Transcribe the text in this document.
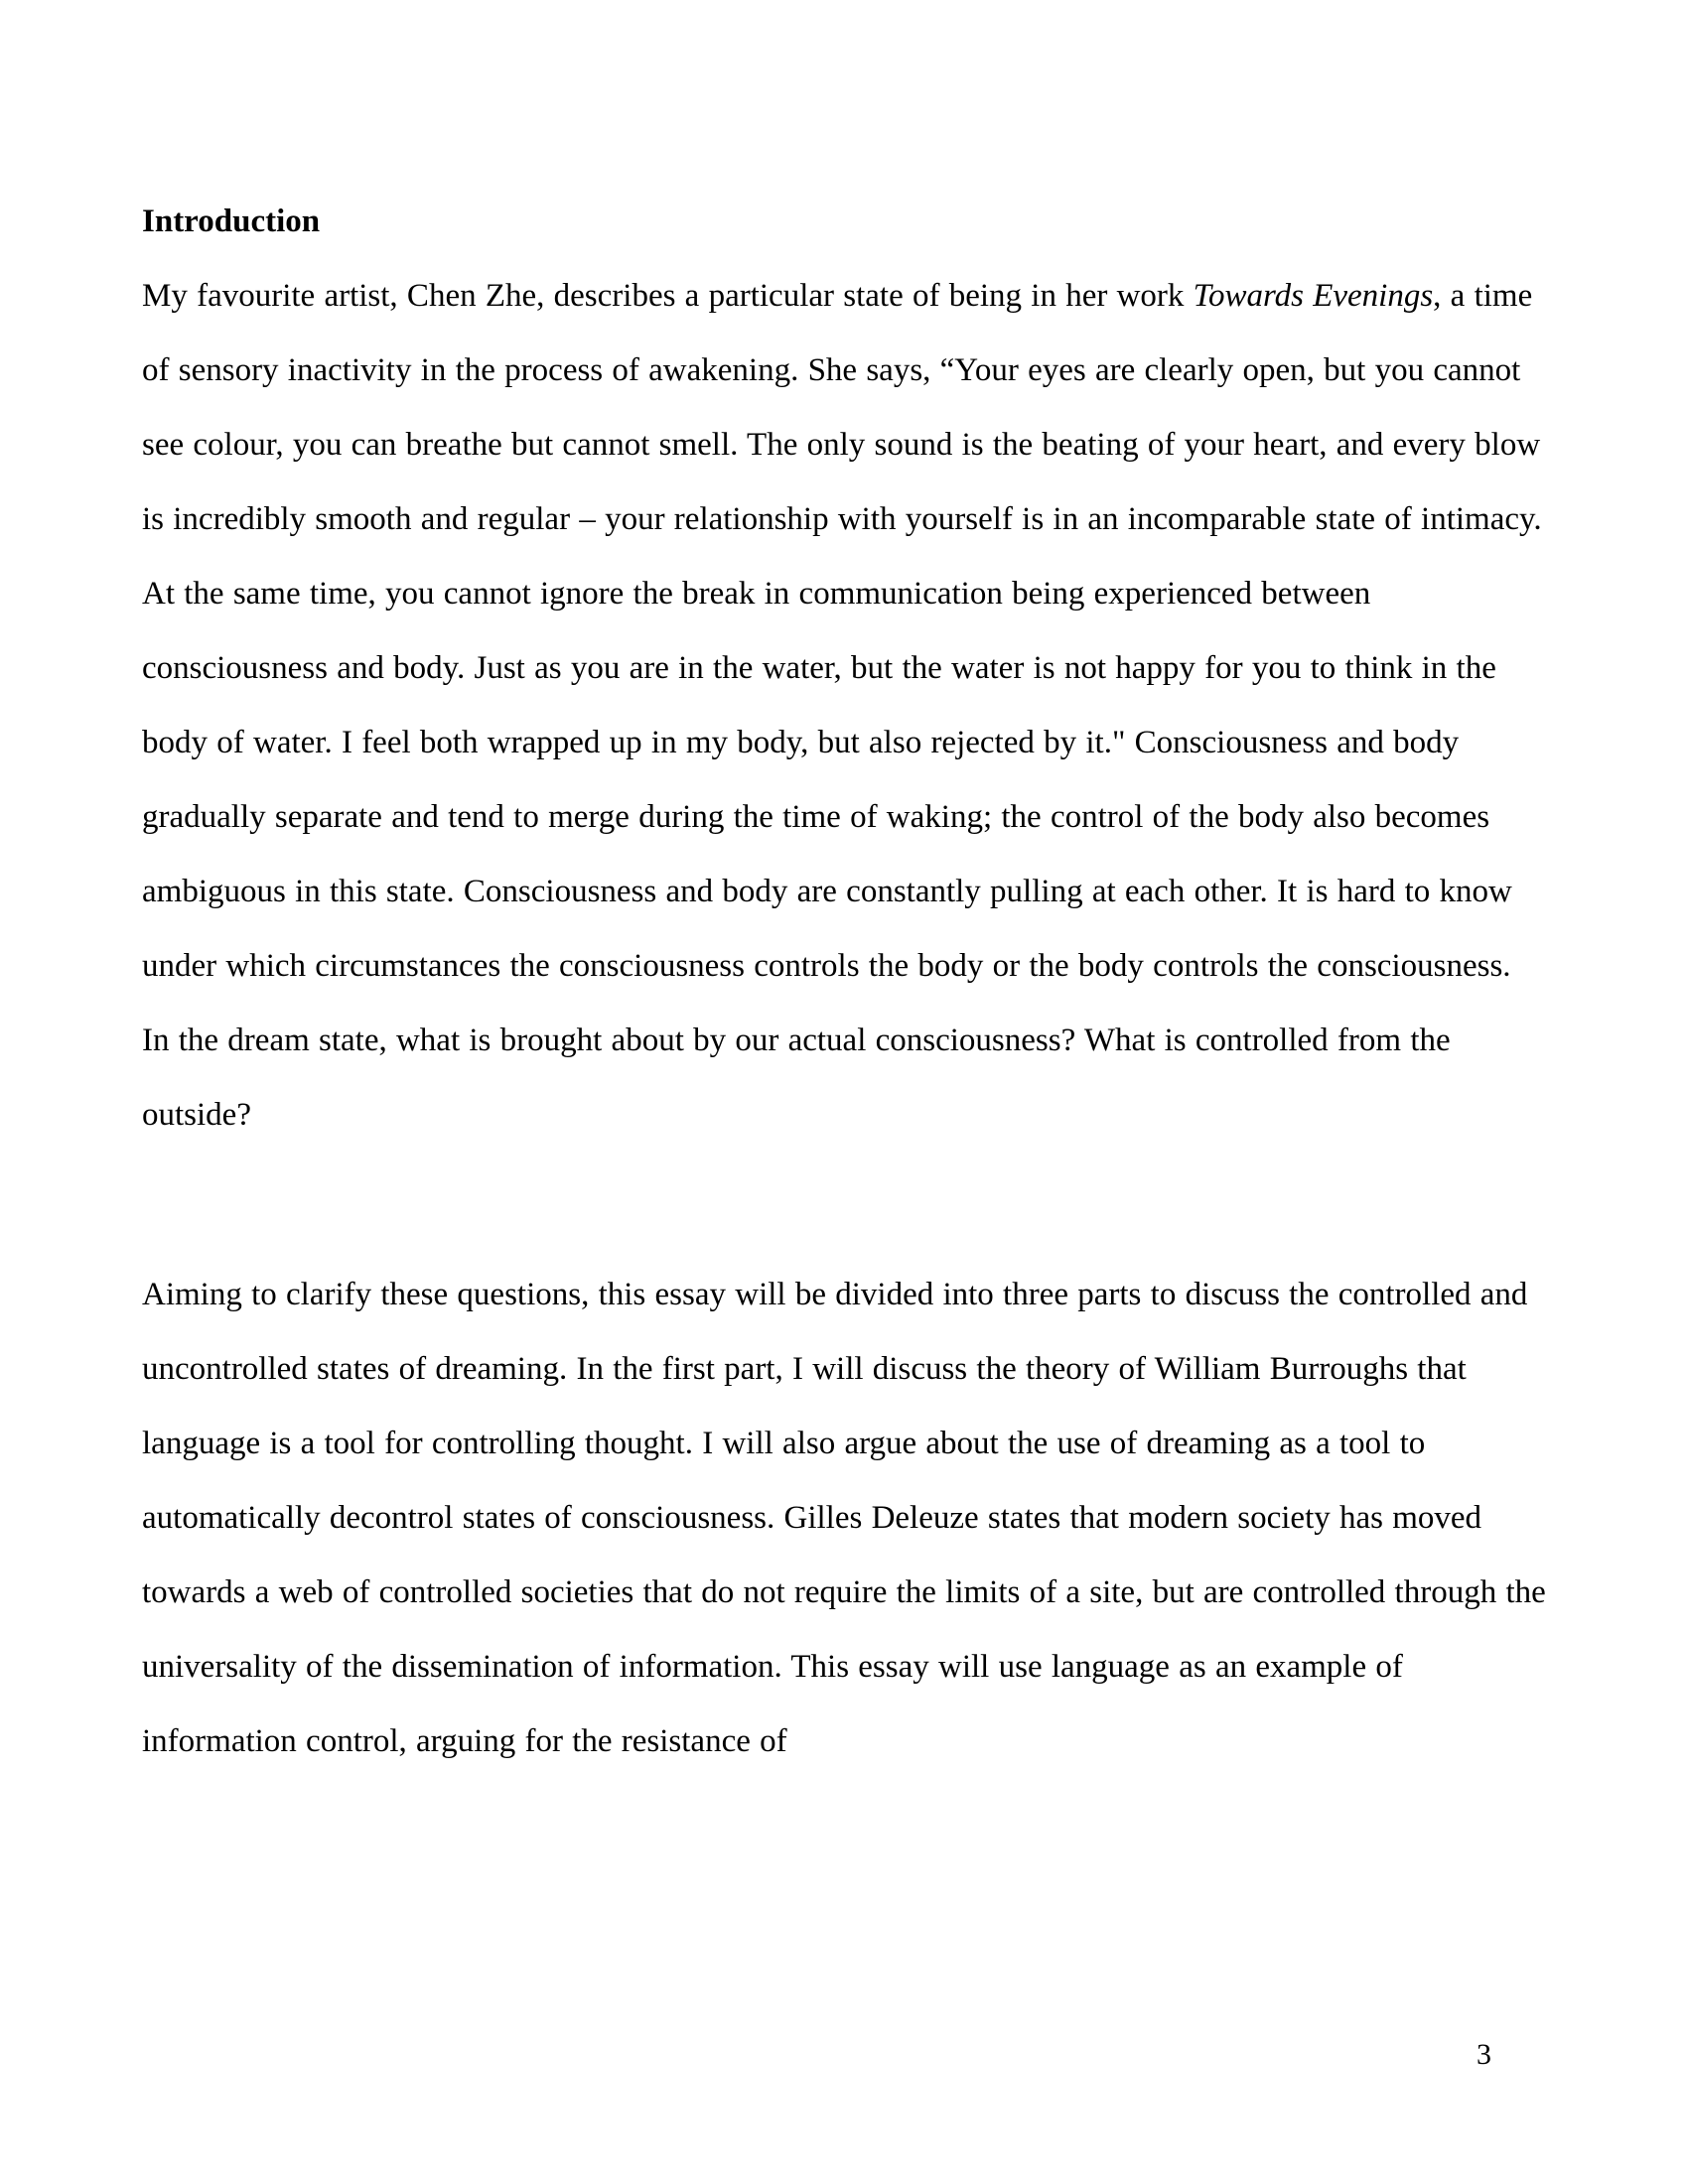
Introduction

My favourite artist, Chen Zhe, describes a particular state of being in her work Towards Evenings, a time of sensory inactivity in the process of awakening. She says, “Your eyes are clearly open, but you cannot see colour, you can breathe but cannot smell. The only sound is the beating of your heart, and every blow is incredibly smooth and regular – your relationship with yourself is in an incomparable state of intimacy. At the same time, you cannot ignore the break in communication being experienced between consciousness and body. Just as you are in the water, but the water is not happy for you to think in the body of water. I feel both wrapped up in my body, but also rejected by it." Consciousness and body gradually separate and tend to merge during the time of waking; the control of the body also becomes ambiguous in this state. Consciousness and body are constantly pulling at each other. It is hard to know under which circumstances the consciousness controls the body or the body controls the consciousness. In the dream state, what is brought about by our actual consciousness? What is controlled from the outside?

Aiming to clarify these questions, this essay will be divided into three parts to discuss the controlled and uncontrolled states of dreaming. In the first part, I will discuss the theory of William Burroughs that language is a tool for controlling thought. I will also argue about the use of dreaming as a tool to automatically decontrol states of consciousness. Gilles Deleuze states that modern society has moved towards a web of controlled societies that do not require the limits of a site, but are controlled through the universality of the dissemination of information. This essay will use language as an example of information control, arguing for the resistance of

3
